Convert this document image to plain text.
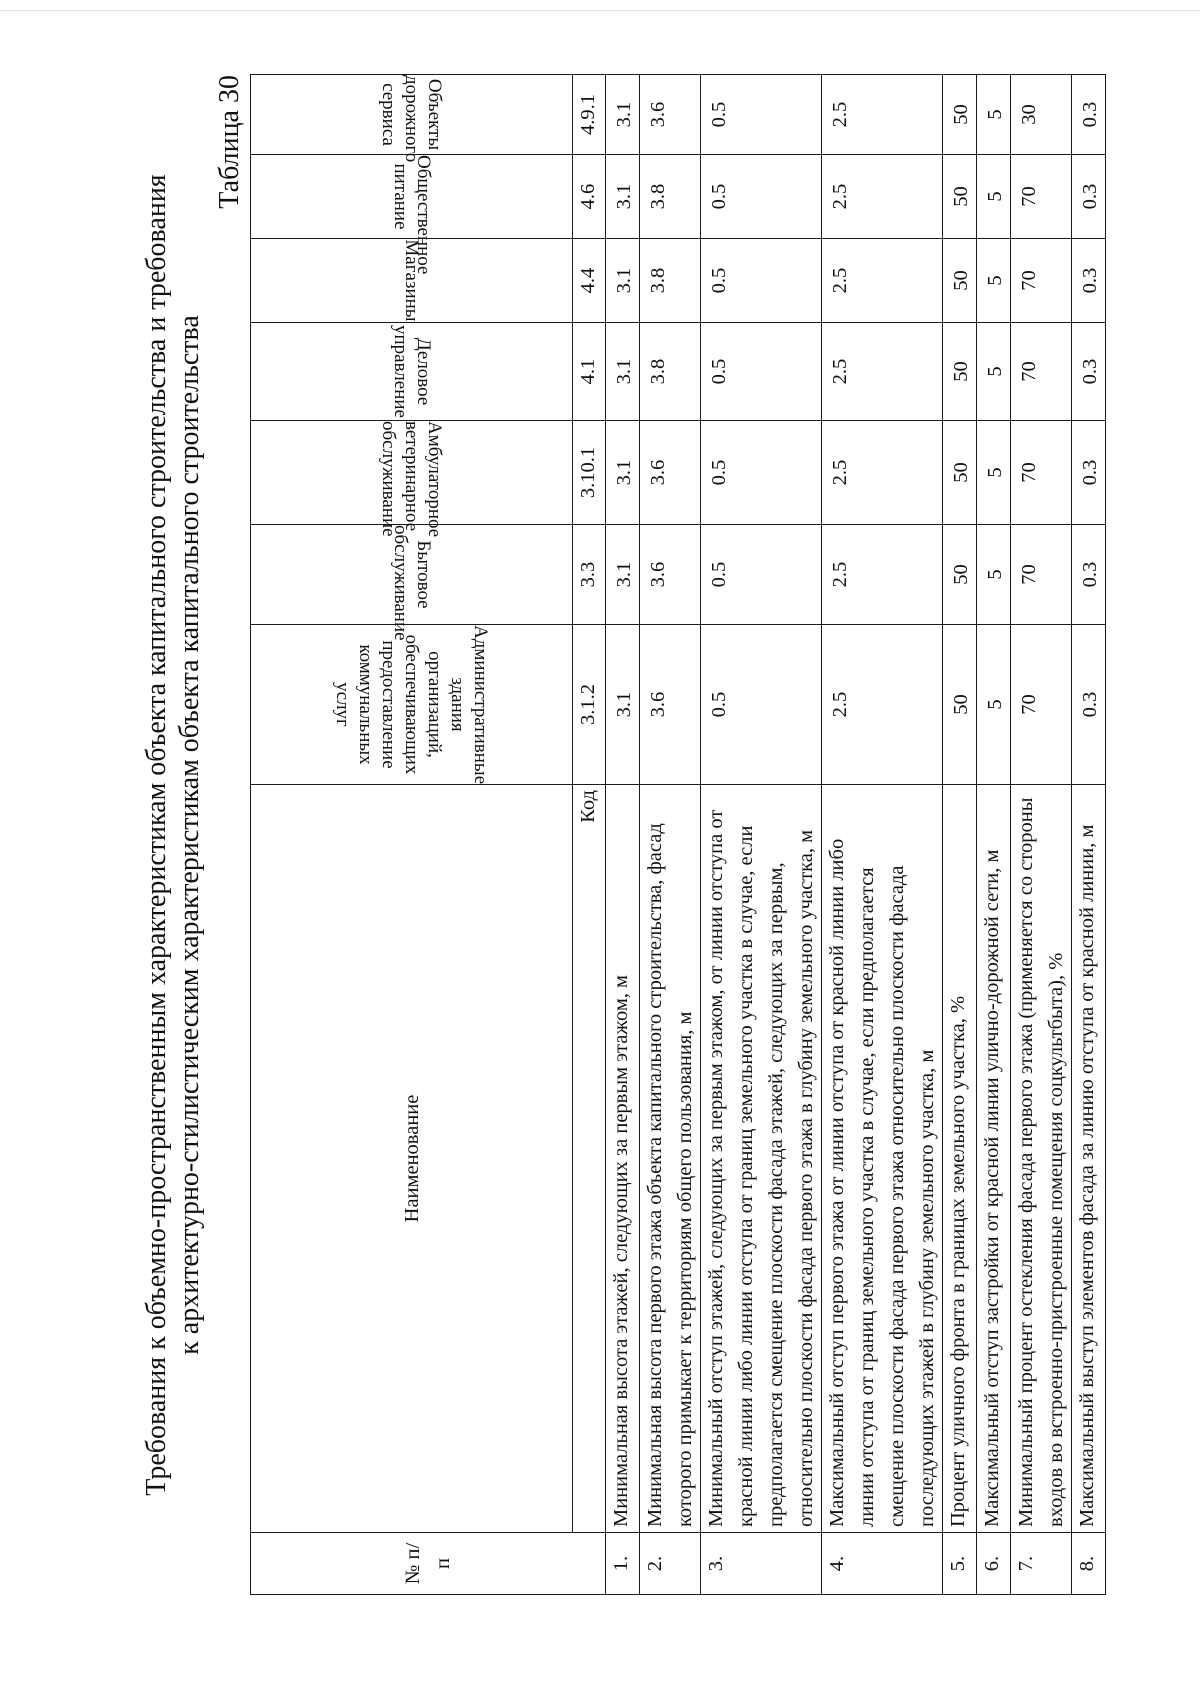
Требования к объемно-пространственным характеристикам объекта капитального строительства и требования к архитектурно-стилистическим характеристикам объекта капитального строительства
Таблица 30
№ п/п	Наименование	Административные здания организаций, обеспечивающих предоставление коммунальных услуг	Бытовое обслуживание	Амбулаторное ветеринарное обслуживание	Деловое управление	Магазины	Общественное питание	Объекты дорожного сервиса

	Код	3.1.2	3.3	3.10.1	4.1	4.4	4.6	4.9.1
1.	Минимальная высота этажей, следующих за первым этажом, м	3.1	3.1	3.1	3.1	3.1	3.1	3.1
2.	Минимальная высота первого этажа объекта капитального строительства, фасад которого примыкает к территориям общего пользования, м	3.6	3.6	3.6	3.8	3.8	3.8	3.6
3.	Минимальный отступ этажей, следующих за первым этажом, от линии отступа от красной линии либо линии отступа от границ земельного участка в случае, если предполагается смещение плоскости фасада этажей, следующих за первым, относительно плоскости фасада первого этажа в глубину земельного участка, м	0.5	0.5	0.5	0.5	0.5	0.5	0.5
4.	Максимальный отступ первого этажа от линии отступа от красной линии либо линии отступа от границ земельного участка в случае, если предполагается смещение плоскости фасада первого этажа относительно плоскости фасада последующих этажей в глубину земельного участка, м	2.5	2.5	2.5	2.5	2.5	2.5	2.5
5.	Процент уличного фронта в границах земельного участка, %	50	50	50	50	50	50	50
6.	Максимальный отступ застройки от красной линии улично-дорожной сети, м	5	5	5	5	5	5	5
7.	Минимальный процент остекления фасада первого этажа (применяется со стороны входов во встроенно-пристроенные помещения соцкультбыта), %	70	70	70	70	70	70	30
8.	Максимальный выступ элементов фасада за линию отступа от красной линии, м	0.3	0.3	0.3	0.3	0.3	0.3	0.3
